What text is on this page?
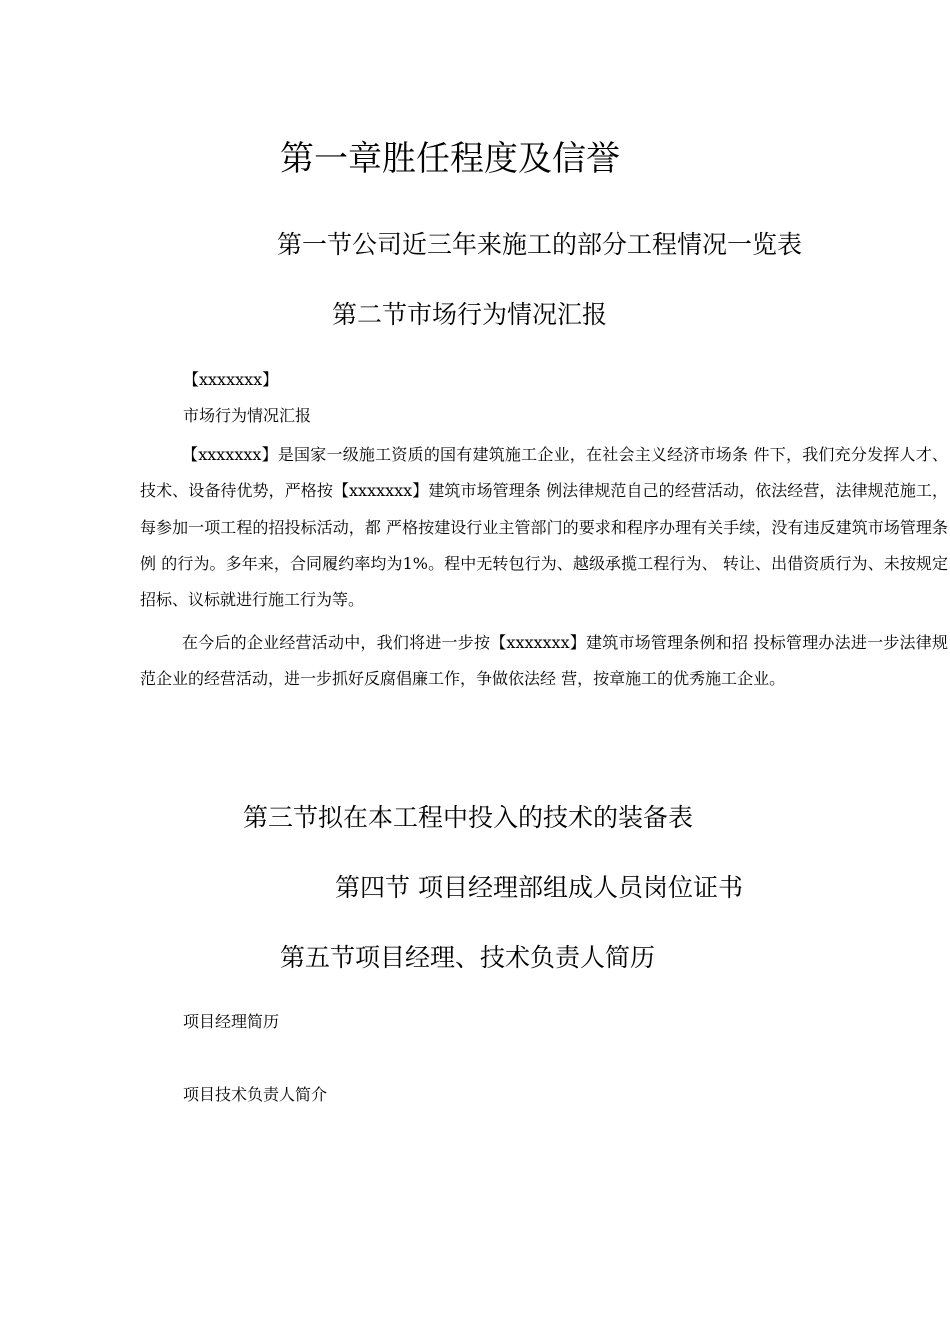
第一章胜任程度及信誉
第一节公司近三年来施工的部分工程情况一览表
第二节市场行为情况汇报
【xxxxxxx】
市场行为情况汇报
【xxxxxxx】是国家一级施工资质的国有建筑施工企业，在社会主义经济市场条 件下，我们充分发挥人才、技术、设备待优势，严格按【xxxxxxx】建筑市场管理条 例法律规范自己的经营活动，依法经营，法律规范施工，每参加一项工程的招投标活动，都 严格按建设行业主管部门的要求和程序办理有关手续，没有违反建筑市场管理条例 的行为。多年来，合同履约率均为1%。程中无转包行为、越级承揽工程行为、 转让、出借资质行为、未按规定招标、议标就进行施工行为等。
在今后的企业经营活动中，我们将进一步按【xxxxxxx】建筑市场管理条例和招 投标管理办法进一步法律规范企业的经营活动，进一步抓好反腐倡廉工作，争做依法经 营，按章施工的优秀施工企业。
第三节拟在本工程中投入的技术的装备表
第四节 项目经理部组成人员岗位证书
第五节项目经理、技术负责人简历
项目经理简历
项目技术负责人简介
